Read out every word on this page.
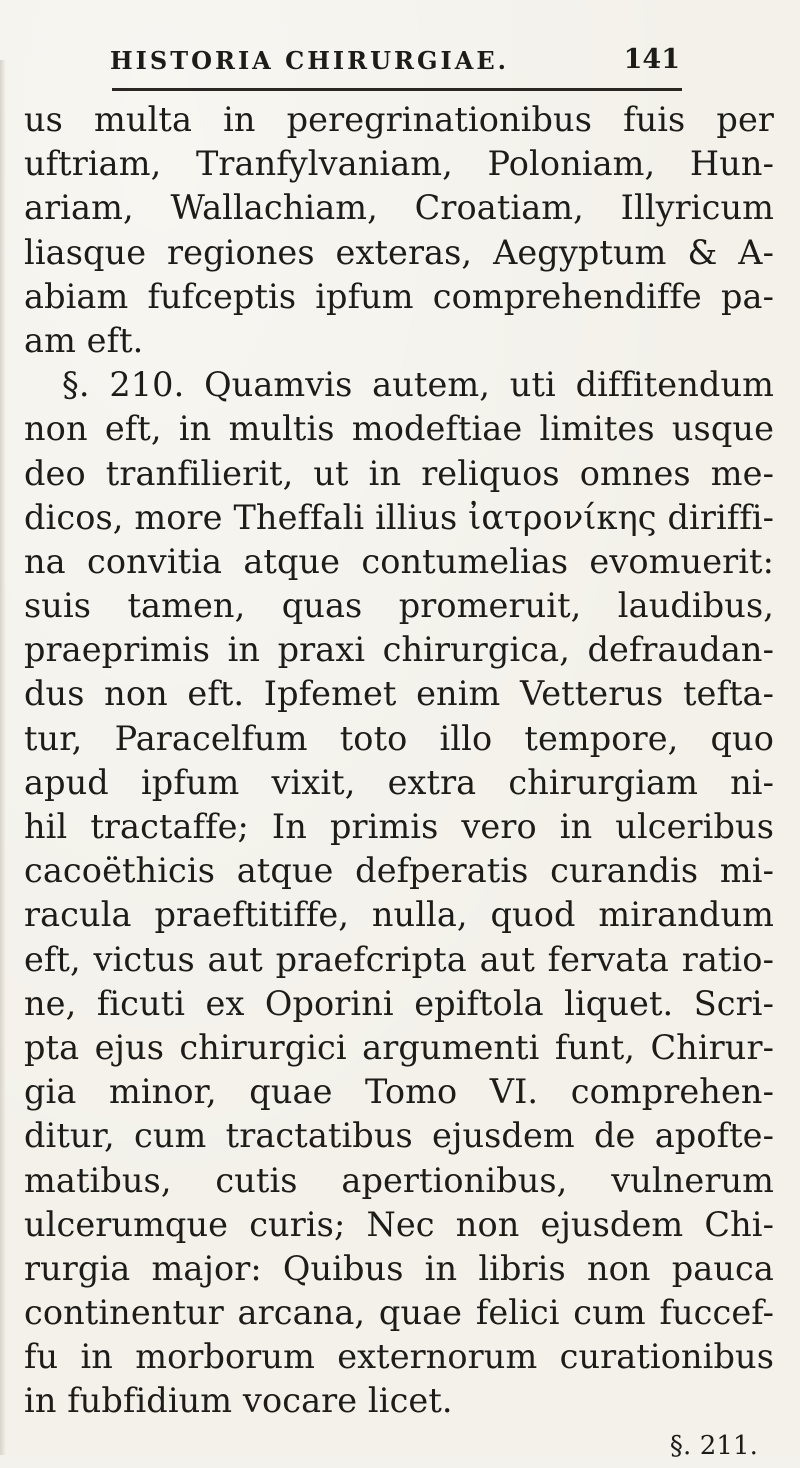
HISTORIA CHIRURGIAE.	141
us multa in peregrinationibus fuis per
uftriam, Tranfylvaniam, Poloniam, Hun-
ariam, Wallachiam, Croatiam, Illyricum
liasque regiones exteras, Aegyptum & A-
abiam fufceptis ipfum comprehendiffe pa-
am eft.
§. 210. Quamvis autem, uti diffitendum
non eft, in multis modeftiae limites usque
deo tranfilierit, ut in reliquos omnes me-
dicos, more Theffali illius ἰατρονίκης diriffi-
na convitia atque contumelias evomuerit:
suis tamen, quas promeruit, laudibus,
praeprimis in praxi chirurgica, defraudan-
dus non eft. Ipfemet enim Vetterus tefta-
tur, Paracelfum toto illo tempore, quo
apud ipfum vixit, extra chirurgiam ni-
hil tractaffe; In primis vero in ulceribus
cacoëthicis atque defperatis curandis mi-
racula praeftitiffe, nulla, quod mirandum
eft, victus aut praefcripta aut fervata ratio-
ne, ficuti ex Oporini epiftola liquet. Scri-
pta ejus chirurgici argumenti funt, Chirur-
gia minor, quae Tomo VI. comprehen-
ditur, cum tractatibus ejusdem de apofte-
matibus, cutis apertionibus, vulnerum
ulcerumque curis; Nec non ejusdem Chi-
rurgia major: Quibus in libris non pauca
continentur arcana, quae felici cum fuccef-
fu in morborum externorum curationibus
in fubfidium vocare licet.
§. 211.
